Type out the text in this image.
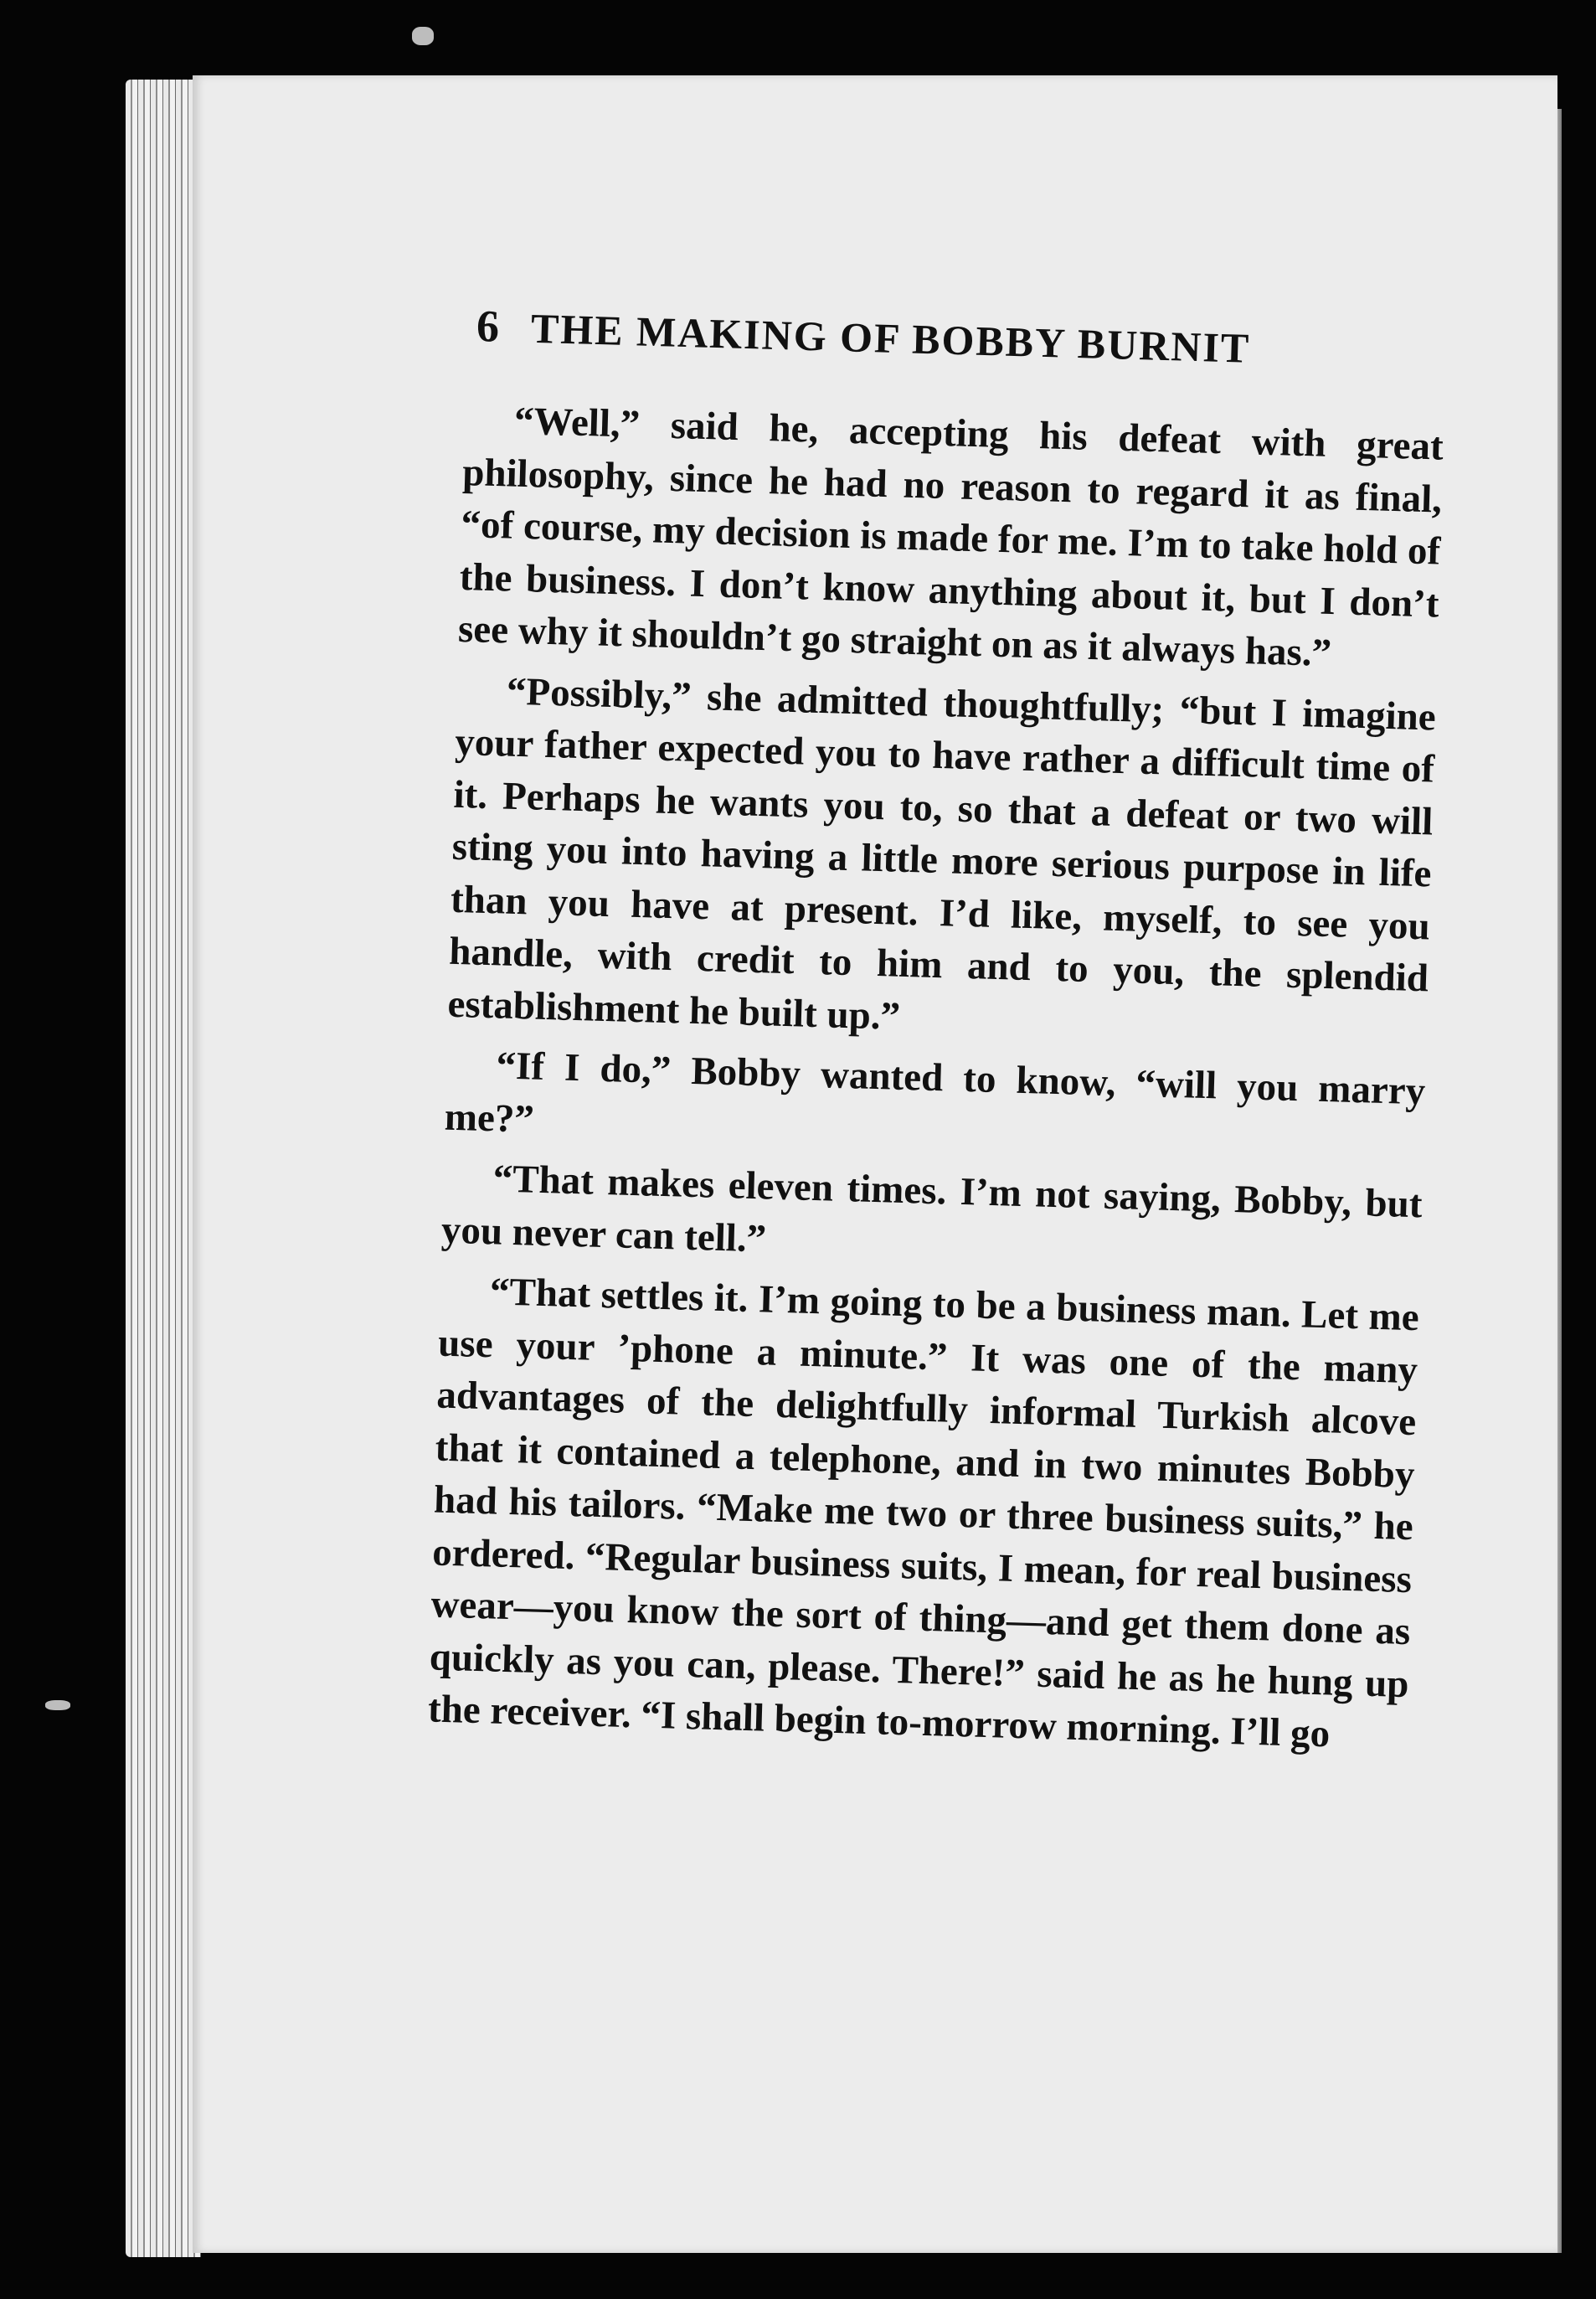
6 THE MAKING OF BOBBY BURNIT

“Well,” said he, accepting his defeat with great philosophy, since he had no reason to regard it as final, “of course, my decision is made for me. I’m to take hold of the business. I don’t know anything about it, but I don’t see why it shouldn’t go straight on as it always has.”

“Possibly,” she admitted thoughtfully; “but I imagine your father expected you to have rather a difficult time of it. Perhaps he wants you to, so that a defeat or two will sting you into having a little more serious purpose in life than you have at present. I’d like, myself, to see you handle, with credit to him and to you, the splendid establishment he built up.”

“If I do,” Bobby wanted to know, “will you marry me?”

“That makes eleven times. I’m not saying, Bobby, but you never can tell.”

“That settles it. I’m going to be a business man. Let me use your ’phone a minute.” It was one of the many advantages of the delightfully informal Turkish alcove that it contained a telephone, and in two minutes Bobby had his tailors. “Make me two or three business suits,” he ordered. “Regular business suits, I mean, for real business wear—you know the sort of thing—and get them done as quickly as you can, please. There!” said he as he hung up the receiver. “I shall begin to-morrow morning. I’ll go
